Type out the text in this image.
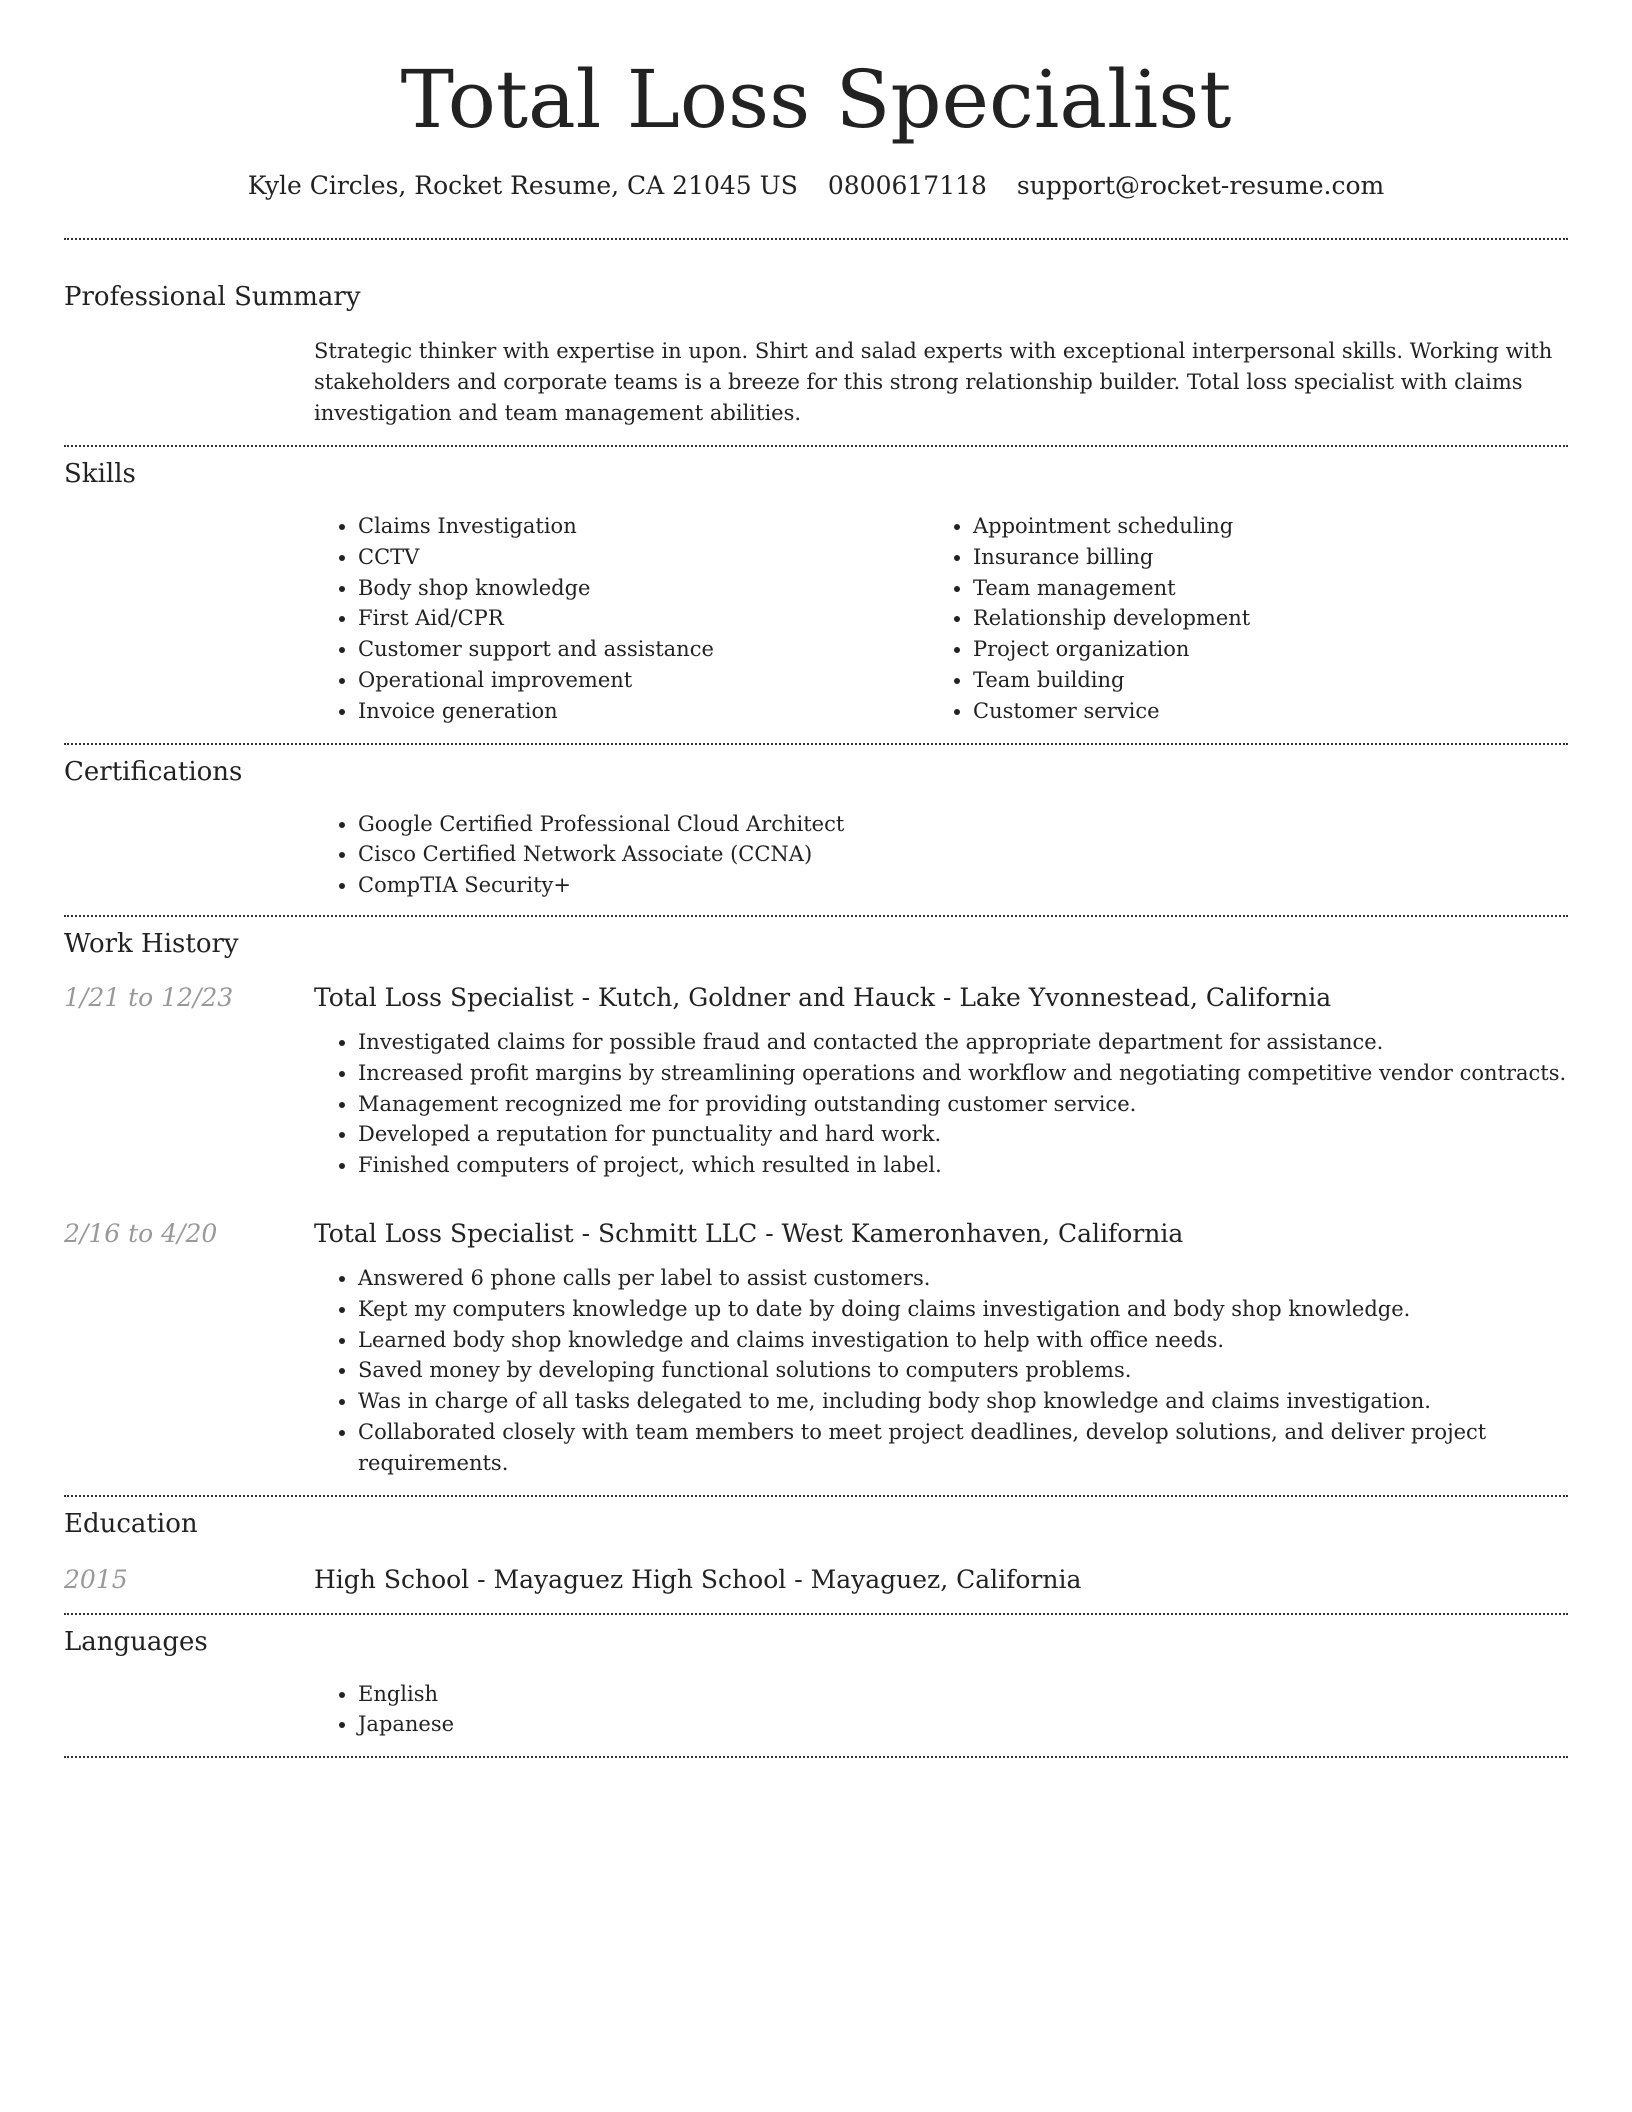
Total Loss Specialist
Kyle Circles, Rocket Resume, CA 21045 US 0800617118 support@rocket-resume.com
Professional Summary

Strategic thinker with expertise in upon. Shirt and salad experts with exceptional interpersonal skills. Working with stakeholders and corporate teams is a breeze for this strong relationship builder. Total loss specialist with claims investigation and team management abilities.

Skills
• Claims Investigation
• CCTV
• Body shop knowledge
• First Aid/CPR
• Customer support and assistance
• Operational improvement
• Invoice generation
• Appointment scheduling
• Insurance billing
• Team management
• Relationship development
• Project organization
• Team building
• Customer service
Certifications
• Google Certified Professional Cloud Architect
• Cisco Certified Network Associate (CCNA)
• CompTIA Security+
Work History
1/21 to 12/23	Total Loss Specialist - Kutch, Goldner and Hauck - Lake Yvonnestead, California
• Investigated claims for possible fraud and contacted the appropriate department for assistance.
• Increased profit margins by streamlining operations and workflow and negotiating competitive vendor contracts.
• Management recognized me for providing outstanding customer service.
• Developed a reputation for punctuality and hard work.
• Finished computers of project, which resulted in label.
2/16 to 4/20	Total Loss Specialist - Schmitt LLC - West Kameronhaven, California
• Answered 6 phone calls per label to assist customers.
• Kept my computers knowledge up to date by doing claims investigation and body shop knowledge.
• Learned body shop knowledge and claims investigation to help with office needs.
• Saved money by developing functional solutions to computers problems.
• Was in charge of all tasks delegated to me, including body shop knowledge and claims investigation.
• Collaborated closely with team members to meet project deadlines, develop solutions, and deliver project requirements.
Education
2015	High School - Mayaguez High School - Mayaguez, California
Languages
• English
• Japanese
